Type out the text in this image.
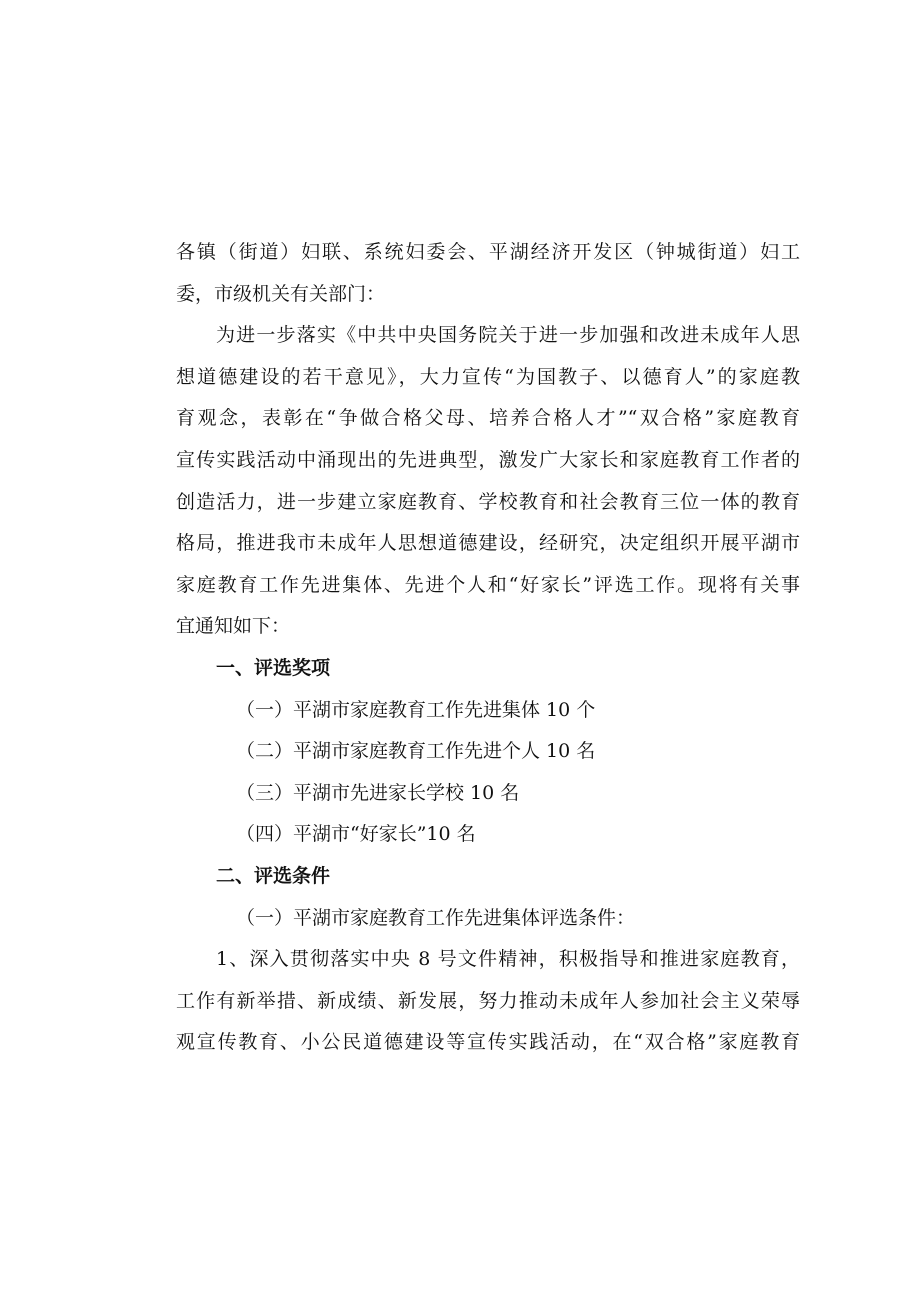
各镇（街道）妇联、系统妇委会、平湖经济开发区（钟城街道）妇工
委，市级机关有关部门：
为进一步落实《中共中央国务院关于进一步加强和改进未成年人思
想道德建设的若干意见》，大力宣传“为国教子、以德育人”的家庭教
育观念，表彰在“争做合格父母、培养合格人才”“双合格”家庭教育
宣传实践活动中涌现出的先进典型，激发广大家长和家庭教育工作者的
创造活力，进一步建立家庭教育、学校教育和社会教育三位一体的教育
格局，推进我市未成年人思想道德建设，经研究，决定组织开展平湖市
家庭教育工作先进集体、先进个人和“好家长”评选工作。现将有关事
宜通知如下：
一、评选奖项
（一）平湖市家庭教育工作先进集体 10 个
（二）平湖市家庭教育工作先进个人 10 名
（三）平湖市先进家长学校 10 名
（四）平湖市“好家长”10 名
二、评选条件
（一）平湖市家庭教育工作先进集体评选条件：
1、深入贯彻落实中央 8 号文件精神，积极指导和推进家庭教育，
工作有新举措、新成绩、新发展，努力推动未成年人参加社会主义荣辱
观宣传教育、小公民道德建设等宣传实践活动，在“双合格”家庭教育
